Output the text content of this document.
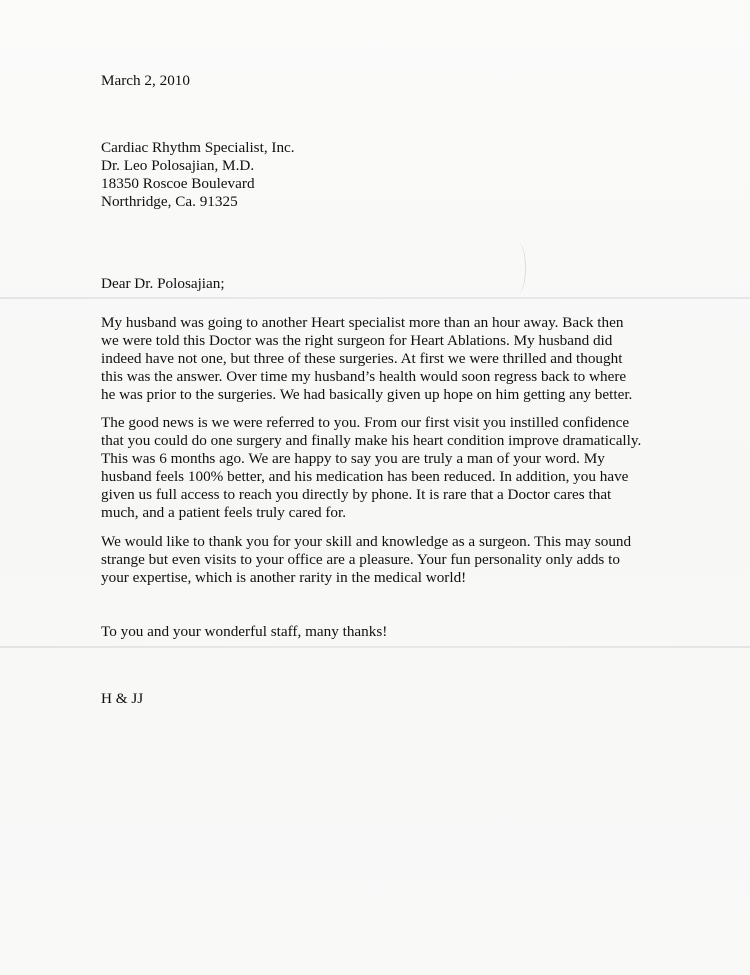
March 2, 2010
Cardiac Rhythm Specialist, Inc.
Dr. Leo Polosajian, M.D.
18350 Roscoe Boulevard
Northridge, Ca. 91325
Dear Dr. Polosajian;
My husband was going to another Heart specialist more than an hour away. Back then
we were told this Doctor was the right surgeon for Heart Ablations. My husband did
indeed have not one, but three of these surgeries. At first we were thrilled and thought
this was the answer. Over time my husband’s health would soon regress back to where
he was prior to the surgeries. We had basically given up hope on him getting any better.
The good news is we were referred to you. From our first visit you instilled confidence
that you could do one surgery and finally make his heart condition improve dramatically.
This was 6 months ago. We are happy to say you are truly a man of your word. My
husband feels 100% better, and his medication has been reduced. In addition, you have
given us full access to reach you directly by phone. It is rare that a Doctor cares that
much, and a patient feels truly cared for.
We would like to thank you for your skill and knowledge as a surgeon. This may sound
strange but even visits to your office are a pleasure. Your fun personality only adds to
your expertise, which is another rarity in the medical world!
To you and your wonderful staff, many thanks!
H & JJ
